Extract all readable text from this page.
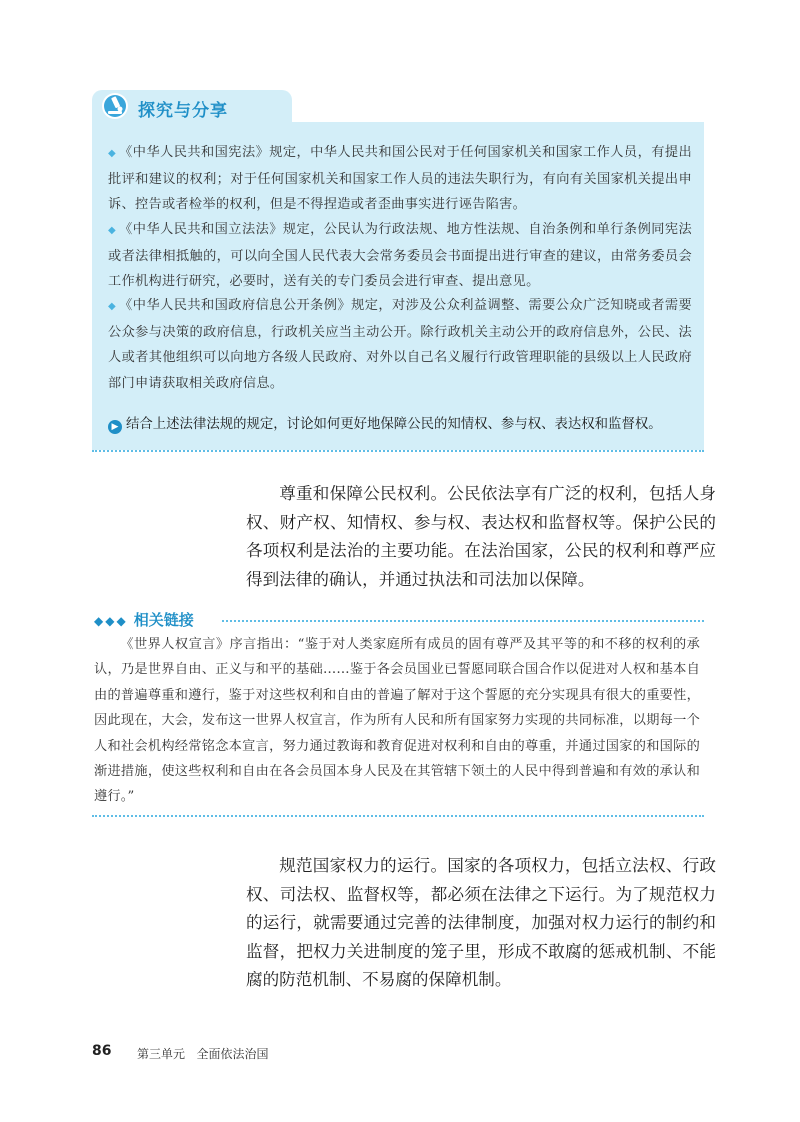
探究与分享
◆ 《中华人民共和国宪法》规定，中华人民共和国公民对于任何国家机关和国家工作人员，有提出批评和建议的权利；对于任何国家机关和国家工作人员的违法失职行为，有向有关国家机关提出申诉、控告或者检举的权利，但是不得捏造或者歪曲事实进行诬告陷害。
◆ 《中华人民共和国立法法》规定，公民认为行政法规、地方性法规、自治条例和单行条例同宪法或者法律相抵触的，可以向全国人民代表大会常务委员会书面提出进行审查的建议，由常务委员会工作机构进行研究，必要时，送有关的专门委员会进行审查、提出意见。
◆ 《中华人民共和国政府信息公开条例》规定，对涉及公众利益调整、需要公众广泛知晓或者需要公众参与决策的政府信息，行政机关应当主动公开。除行政机关主动公开的政府信息外，公民、法人或者其他组织可以向地方各级人民政府、对外以自己名义履行行政管理职能的县级以上人民政府部门申请获取相关政府信息。
▶ 结合上述法律法规的规定，讨论如何更好地保障公民的知情权、参与权、表达权和监督权。
尊重和保障公民权利。公民依法享有广泛的权利，包括人身权、财产权、知情权、参与权、表达权和监督权等。保护公民的各项权利是法治的主要功能。在法治国家，公民的权利和尊严应得到法律的确认，并通过执法和司法加以保障。
◆◆◆ 相关链接
《世界人权宣言》序言指出：“鉴于对人类家庭所有成员的固有尊严及其平等的和不移的权利的承认，乃是世界自由、正义与和平的基础……鉴于各会员国业已誓愿同联合国合作以促进对人权和基本自由的普遍尊重和遵行，鉴于对这些权利和自由的普遍了解对于这个誓愿的充分实现具有很大的重要性，因此现在，大会，发布这一世界人权宣言，作为所有人民和所有国家努力实现的共同标准，以期每一个人和社会机构经常铭念本宣言，努力通过教诲和教育促进对权利和自由的尊重，并通过国家的和国际的渐进措施，使这些权利和自由在各会员国本身人民及在其管辖下领土的人民中得到普遍和有效的承认和遵行。”
规范国家权力的运行。国家的各项权力，包括立法权、行政权、司法权、监督权等，都必须在法律之下运行。为了规范权力的运行，就需要通过完善的法律制度，加强对权力运行的制约和监督，把权力关进制度的笼子里，形成不敢腐的惩戒机制、不能腐的防范机制、不易腐的保障机制。
86 第三单元   全面依法治国
